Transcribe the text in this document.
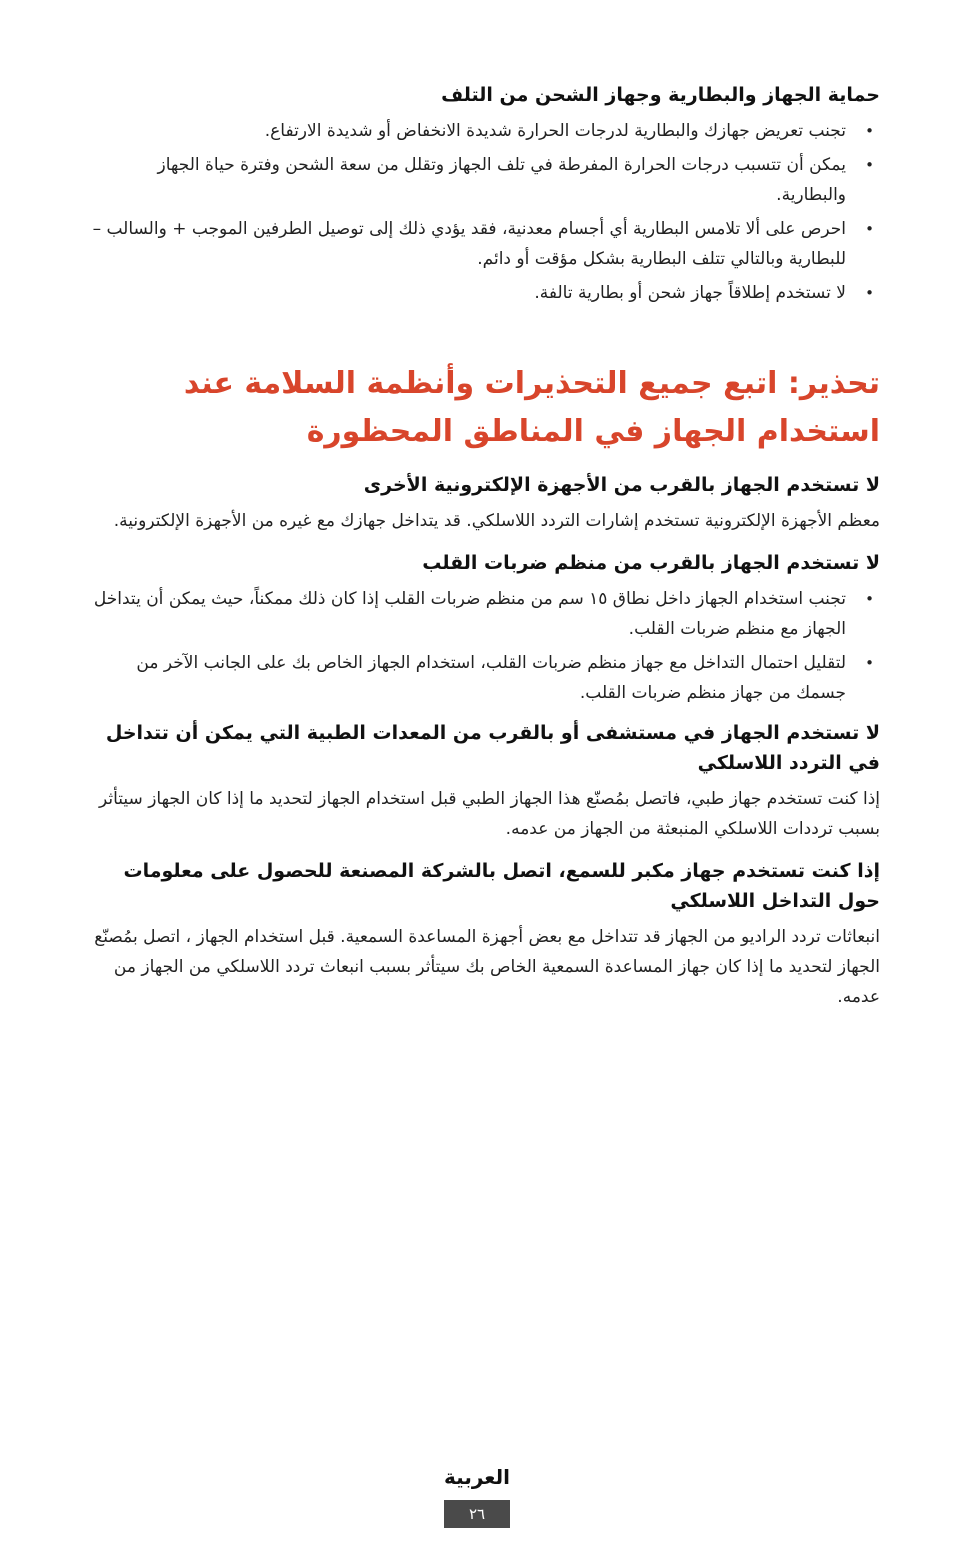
حماية الجهاز والبطارية وجهاز الشحن من التلف
•
تجنب تعريض جهازك والبطارية لدرجات الحرارة شديدة الانخفاض أو شديدة الارتفاع.
•
يمكن أن تتسبب درجات الحرارة المفرطة في تلف الجهاز وتقلل من سعة الشحن وفترة حياة الجهاز والبطارية.
•
احرص على ألا تلامس البطارية أي أجسام معدنية، فقد يؤدي ذلك إلى توصيل الطرفين الموجب + والسالب – للبطارية وبالتالي تتلف البطارية بشكل مؤقت أو دائم.
•
لا تستخدم إطلاقاً جهاز شحن أو بطارية تالفة.
تحذير: اتبع جميع التحذيرات وأنظمة السلامة عند استخدام الجهاز في المناطق المحظورة
لا تستخدم الجهاز بالقرب من الأجهزة الإلكترونية الأخرى

معظم الأجهزة الإلكترونية تستخدم إشارات التردد اللاسلكي. قد يتداخل جهازك مع غيره من الأجهزة الإلكترونية.

لا تستخدم الجهاز بالقرب من منظم ضربات القلب
•
تجنب استخدام الجهاز داخل نطاق ١٥ سم من منظم ضربات القلب إذا كان ذلك ممكناً، حيث يمكن أن يتداخل الجهاز مع منظم ضربات القلب.
•
لتقليل احتمال التداخل مع جهاز منظم ضربات القلب، استخدام الجهاز الخاص بك على الجانب الآخر من جسمك من جهاز منظم ضربات القلب.
لا تستخدم الجهاز في مستشفى أو بالقرب من المعدات الطبية التي يمكن أن تتداخل في التردد اللاسلكي

إذا كنت تستخدم جهاز طبي، فاتصل بمُصنّع هذا الجهاز الطبي قبل استخدام الجهاز لتحديد ما إذا كان الجهاز سيتأثر بسبب ترددات اللاسلكي المنبعثة من الجهاز من عدمه.

إذا كنت تستخدم جهاز مكبر للسمع، اتصل بالشركة المصنعة للحصول على معلومات حول التداخل اللاسلكي

انبعاثات تردد الراديو من الجهاز قد تتداخل مع بعض أجهزة المساعدة السمعية. قبل استخدام الجهاز ، اتصل بمُصنّع الجهاز لتحديد ما إذا كان جهاز المساعدة السمعية الخاص بك سيتأثر بسبب انبعاث تردد اللاسلكي من الجهاز من عدمه.

العربية
٢٦
